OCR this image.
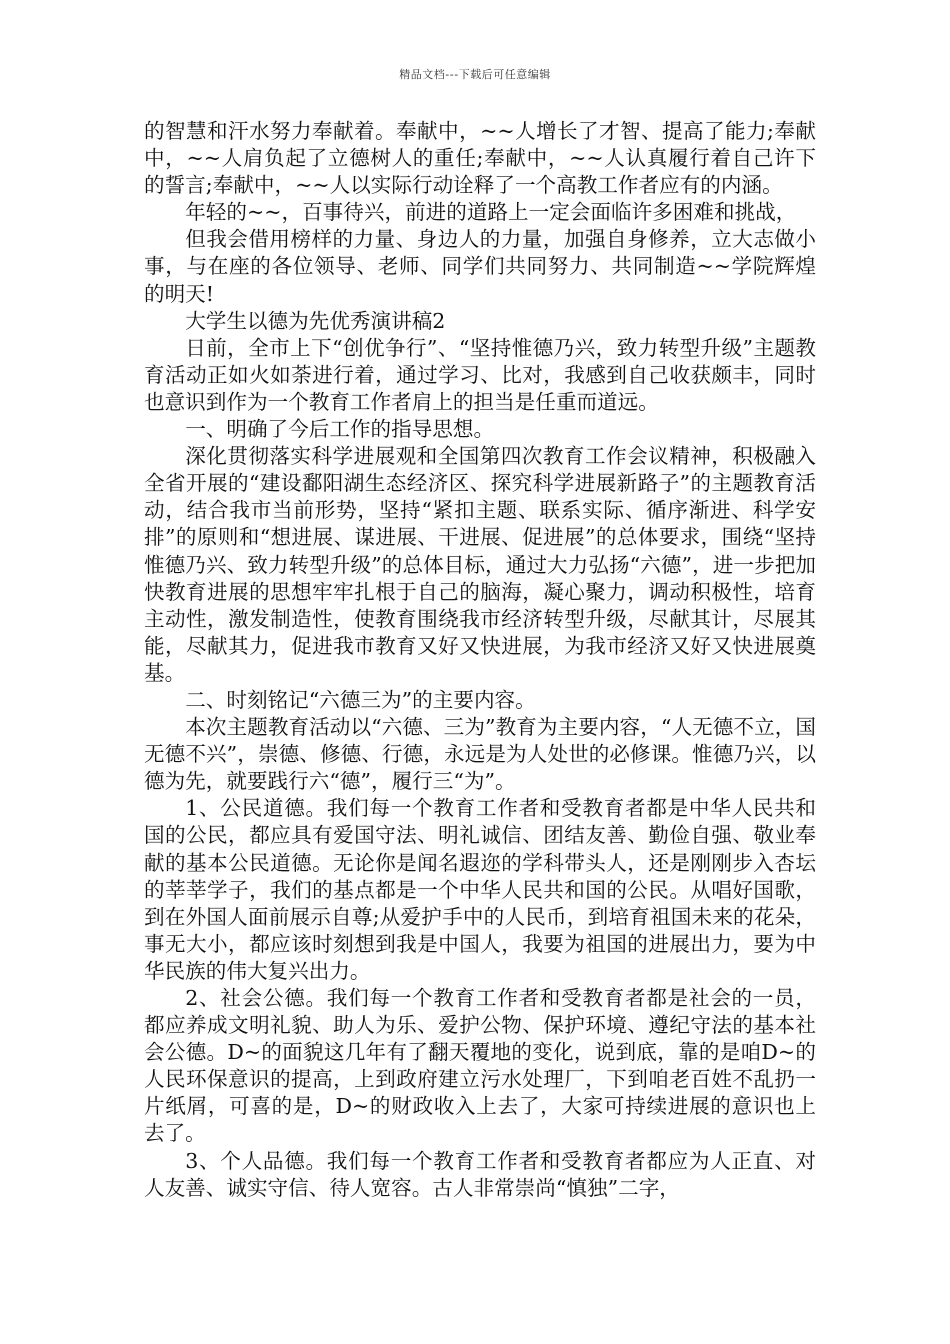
精品文档---下载后可任意编辑

的智慧和汗水努力奉献着。奉献中，~~人增长了才智、提高了能力;奉献中，~~人肩负起了立德树人的重任;奉献中，~~人认真履行着自己许下的誓言;奉献中，~~人以实际行动诠释了一个高教工作者应有的内涵。

年轻的~~，百事待兴，前进的道路上一定会面临许多困难和挑战，

但我会借用榜样的力量、身边人的力量，加强自身修养，立大志做小事，与在座的各位领导、老师、同学们共同努力、共同制造~~学院辉煌的明天!

大学生以德为先优秀演讲稿2

日前，全市上下“创优争行”、“坚持惟德乃兴，致力转型升级”主题教育活动正如火如荼进行着，通过学习、比对，我感到自己收获颇丰，同时也意识到作为一个教育工作者肩上的担当是任重而道远。

一、明确了今后工作的指导思想。

深化贯彻落实科学进展观和全国第四次教育工作会议精神，积极融入全省开展的“建设鄱阳湖生态经济区、探究科学进展新路子”的主题教育活动，结合我市当前形势，坚持“紧扣主题、联系实际、循序渐进、科学安排”的原则和“想进展、谋进展、干进展、促进展”的总体要求，围绕“坚持惟德乃兴、致力转型升级”的总体目标，通过大力弘扬“六德”，进一步把加快教育进展的思想牢牢扎根于自己的脑海，凝心聚力，调动积极性，培育主动性，激发制造性，使教育围绕我市经济转型升级，尽献其计，尽展其能，尽献其力，促进我市教育又好又快进展，为我市经济又好又快进展奠基。

二、时刻铭记“六德三为”的主要内容。

本次主题教育活动以“六德、三为”教育为主要内容，“人无德不立，国无德不兴”，崇德、修德、行德，永远是为人处世的必修课。惟德乃兴，以德为先，就要践行六“德”，履行三“为”。

1、公民道德。我们每一个教育工作者和受教育者都是中华人民共和国的公民，都应具有爱国守法、明礼诚信、团结友善、勤俭自强、敬业奉献的基本公民道德。无论你是闻名遐迩的学科带头人，还是刚刚步入杏坛的莘莘学子，我们的基点都是一个中华人民共和国的公民。从唱好国歌，到在外国人面前展示自尊;从爱护手中的人民币，到培育祖国未来的花朵，事无大小，都应该时刻想到我是中国人，我要为祖国的进展出力，要为中华民族的伟大复兴出力。

2、社会公德。我们每一个教育工作者和受教育者都是社会的一员，都应养成文明礼貌、助人为乐、爱护公物、保护环境、遵纪守法的基本社会公德。D~的面貌这几年有了翻天覆地的变化，说到底，靠的是咱D~的人民环保意识的提高，上到政府建立污水处理厂，下到咱老百姓不乱扔一片纸屑，可喜的是，D~的财政收入上去了，大家可持续进展的意识也上去了。

3、个人品德。我们每一个教育工作者和受教育者都应为人正直、对人友善、诚实守信、待人宽容。古人非常崇尚“慎独”二字，
